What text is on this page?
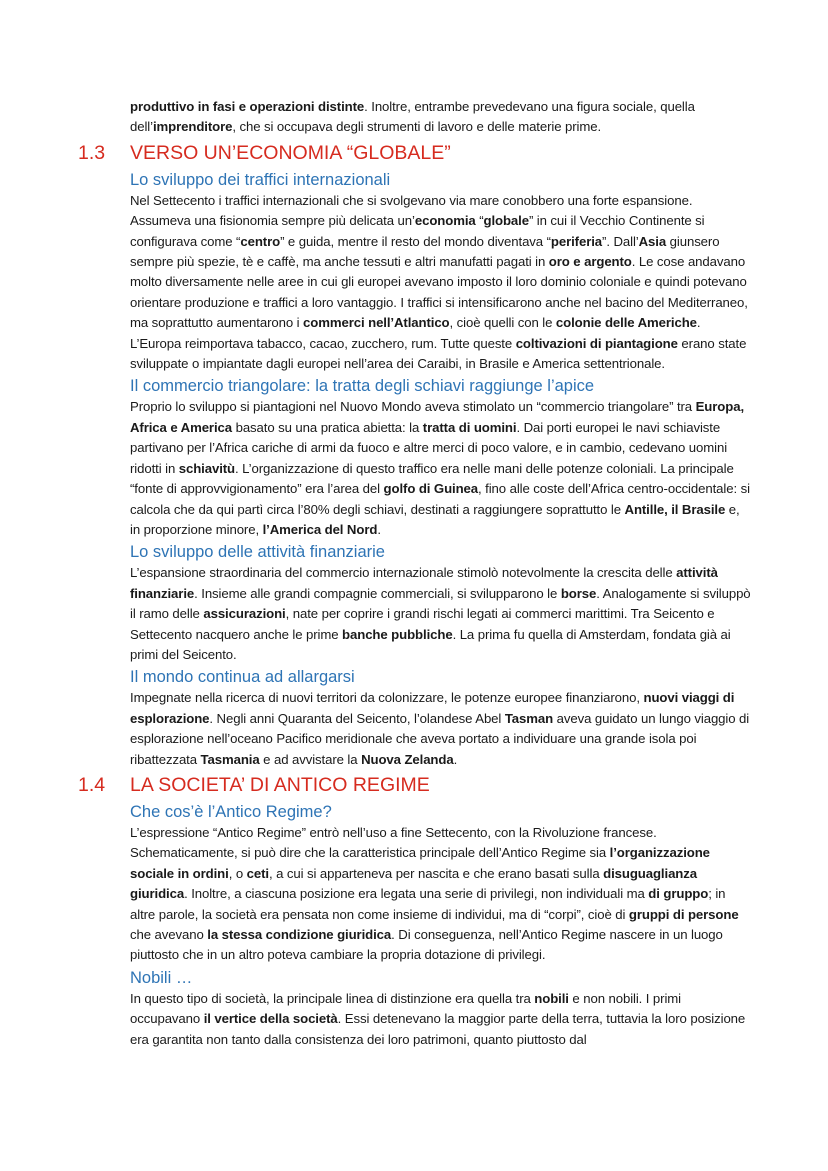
produttivo in fasi e operazioni distinte. Inoltre, entrambe prevedevano una figura sociale, quella dell’imprenditore, che si occupava degli strumenti di lavoro e delle materie prime.

1.3 VERSO UN’ECONOMIA “GLOBALE”
Lo sviluppo dei traffici internazionali

Nel Settecento i traffici internazionali che si svolgevano via mare conobbero una forte espansione. Assumeva una fisionomia sempre più delicata un’economia “globale” in cui il Vecchio Continente si configurava come “centro” e guida, mentre il resto del mondo diventava “periferia”. Dall’Asia giunsero sempre più spezie, tè e caffè, ma anche tessuti e altri manufatti pagati in oro e argento. Le cose andavano molto diversamente nelle aree in cui gli europei avevano imposto il loro dominio coloniale e quindi potevano orientare produzione e traffici a loro vantaggio. I traffici si intensificarono anche nel bacino del Mediterraneo, ma soprattutto aumentarono i commerci nell’Atlantico, cioè quelli con le colonie delle Americhe. L’Europa reimportava tabacco, cacao, zucchero, rum. Tutte queste coltivazioni di piantagione erano state sviluppate o impiantate dagli europei nell’area dei Caraibi, in Brasile e America settentrionale.

Il commercio triangolare: la tratta degli schiavi raggiunge l’apice

Proprio lo sviluppo si piantagioni nel Nuovo Mondo aveva stimolato un “commercio triangolare” tra Europa, Africa e America basato su una pratica abietta: la tratta di uomini. Dai porti europei le navi schiaviste partivano per l’Africa cariche di armi da fuoco e altre merci di poco valore, e in cambio, cedevano uomini ridotti in schiavitù. L’organizzazione di questo traffico era nelle mani delle potenze coloniali. La principale “fonte di approvvigionamento” era l’area del golfo di Guinea, fino alle coste dell’Africa centro-occidentale: si calcola che da qui partì circa l’80% degli schiavi, destinati a raggiungere soprattutto le Antille, il Brasile e, in proporzione minore, l’America del Nord.

Lo sviluppo delle attività finanziarie

L’espansione straordinaria del commercio internazionale stimolò notevolmente la crescita delle attività finanziarie. Insieme alle grandi compagnie commerciali, si svilupparono le borse. Analogamente si sviluppò il ramo delle assicurazioni, nate per coprire i grandi rischi legati ai commerci marittimi. Tra Seicento e Settecento nacquero anche le prime banche pubbliche. La prima fu quella di Amsterdam, fondata già ai primi del Seicento.

Il mondo continua ad allargarsi

Impegnate nella ricerca di nuovi territori da colonizzare, le potenze europee finanziarono, nuovi viaggi di esplorazione. Negli anni Quaranta del Seicento, l’olandese Abel Tasman aveva guidato un lungo viaggio di esplorazione nell’oceano Pacifico meridionale che aveva portato a individuare una grande isola poi ribattezzata Tasmania e ad avvistare la Nuova Zelanda.

1.4 LA SOCIETA’ DI ANTICO REGIME
Che cos’è l’Antico Regime?

L’espressione “Antico Regime” entrò nell’uso a fine Settecento, con la Rivoluzione francese. Schematicamente, si può dire che la caratteristica principale dell’Antico Regime sia l’organizzazione sociale in ordini, o ceti, a cui si apparteneva per nascita e che erano basati sulla disuguaglianza giuridica. Inoltre, a ciascuna posizione era legata una serie di privilegi, non individuali ma di gruppo; in altre parole, la società era pensata non come insieme di individui, ma di “corpi”, cioè di gruppi di persone che avevano la stessa condizione giuridica. Di conseguenza, nell’Antico Regime nascere in un luogo piuttosto che in un altro poteva cambiare la propria dotazione di privilegi.

Nobili …

In questo tipo di società, la principale linea di distinzione era quella tra nobili e non nobili. I primi occupavano il vertice della società. Essi detenevano la maggior parte della terra, tuttavia la loro posizione era garantita non tanto dalla consistenza dei loro patrimoni, quanto piuttosto dal
